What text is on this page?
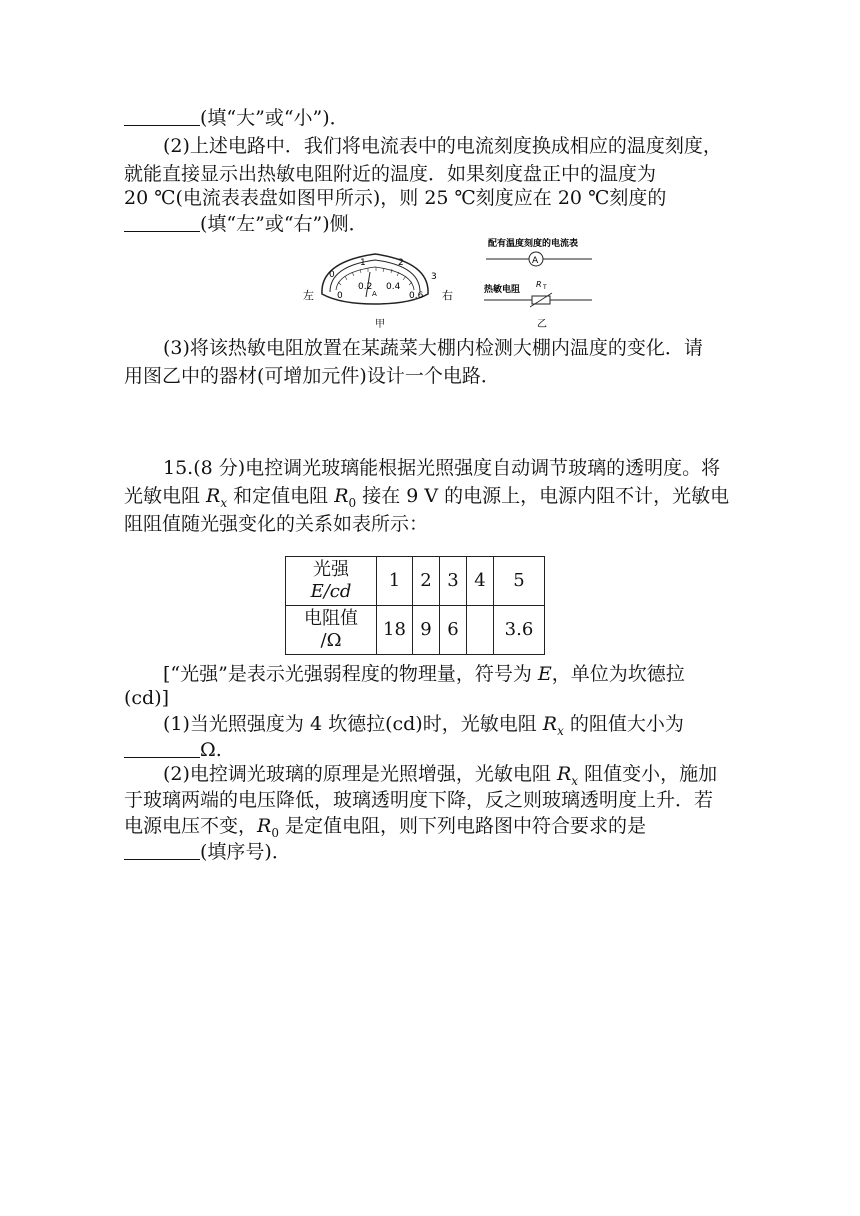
(填“大”或“小”)．
(2)上述电路中．我们将电流表中的电流刻度换成相应的温度刻度，
就能直接显示出热敏电阻附近的温度．如果刻度盘正中的温度为
20 ℃(电流表表盘如图甲所示)，则 25 ℃刻度应在 20 ℃刻度的
(填“左”或“右”)侧．
0
1	2
3
0
0.2 0.4
0.6
A
左	右
甲
配有温度刻度的电流表
A
热敏电阻
R T
乙
(3)将该热敏电阻放置在某蔬菜大棚内检测大棚内温度的变化．请
用图乙中的器材(可增加元件)设计一个电路．
15.(8 分)电控调光玻璃能根据光照强度自动调节玻璃的透明度。将
光敏电阻 $R_x$ 和定值电阻 $R_0$ 接在 9 V 的电源上，电源内阻不计，光敏电
阻阻值随光强变化的关系如表所示：
光强
E/cd	1	2	3	4	5
电阻值
/Ω	18	9	6		3.6
[“光强”是表示光强弱程度的物理量，符号为 E，单位为坎德拉
(cd)]
(1)当光照强度为 4 坎德拉(cd)时，光敏电阻 $R_x$ 的阻值大小为
Ω.
(2)电控调光玻璃的原理是光照增强，光敏电阻 $R_x$ 阻值变小，施加
于玻璃两端的电压降低，玻璃透明度下降，反之则玻璃透明度上升．若
电源电压不变，$R_0$ 是定值电阻，则下列电路图中符合要求的是
(填序号)．
